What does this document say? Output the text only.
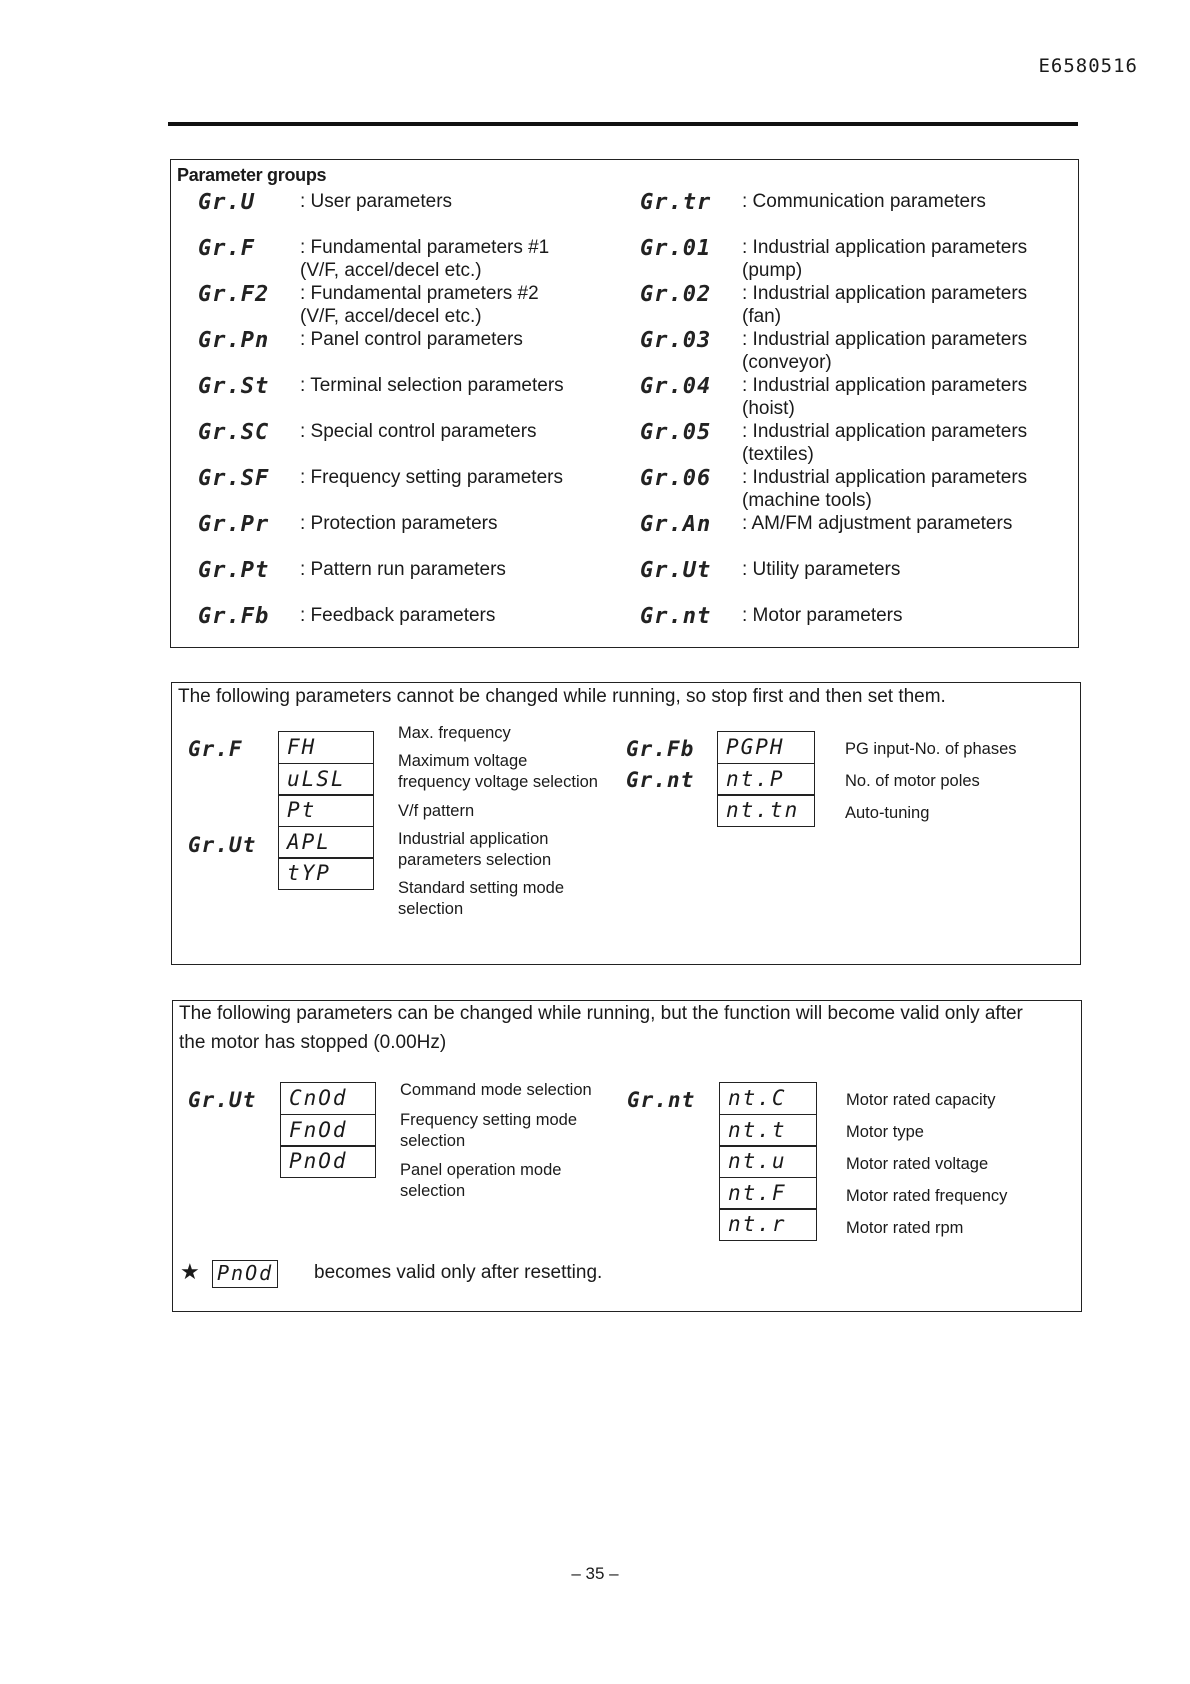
E6580516
Parameter groups
Gr.U : User parameters
Gr.F : Fundamental parameters #1
(V/F, accel/decel etc.)
Gr.F2 : Fundamental prameters #2
(V/F, accel/decel etc.)
Gr.Pn : Panel control parameters
Gr.St : Terminal selection parameters
Gr.SC : Special control parameters
Gr.SF : Frequency setting parameters
Gr.Pr : Protection parameters
Gr.Pt : Pattern run parameters
Gr.Fb : Feedback parameters
Gr.tr : Communication parameters
Gr.01 : Industrial application parameters
(pump)
Gr.02 : Industrial application parameters
(fan)
Gr.03 : Industrial application parameters
(conveyor)
Gr.04 : Industrial application parameters
(hoist)
Gr.05 : Industrial application parameters
(textiles)
Gr.06 : Industrial application parameters
(machine tools)
Gr.An : AM/FM adjustment parameters
Gr.Ut : Utility parameters
Gr.nt : Motor parameters
The following parameters cannot be changed while running, so stop first and then set them.
Gr.F
Gr.Ut
FH
uLSL
Pt
APL
tYP
Max. frequency
Maximum voltage
frequency voltage selection
V/f pattern
Industrial application
parameters selection
Standard setting mode
selection
Gr.Fb
Gr.nt
PGPH
nt.P
nt.tn
PG input-No. of phases
No. of motor poles
Auto-tuning
The following parameters can be changed while running, but the function will become valid only after
the motor has stopped (0.00Hz)
Gr.Ut	CnOd
FnOd
PnOd
Command mode selection
Frequency setting mode
selection
Panel operation mode
selection
Gr.nt	nt.C
nt.t
nt.u
nt.F
nt.r
Motor rated capacity
Motor type
Motor rated voltage
Motor rated frequency
Motor rated rpm
★ PnOd becomes valid only after resetting.
– 35 –
